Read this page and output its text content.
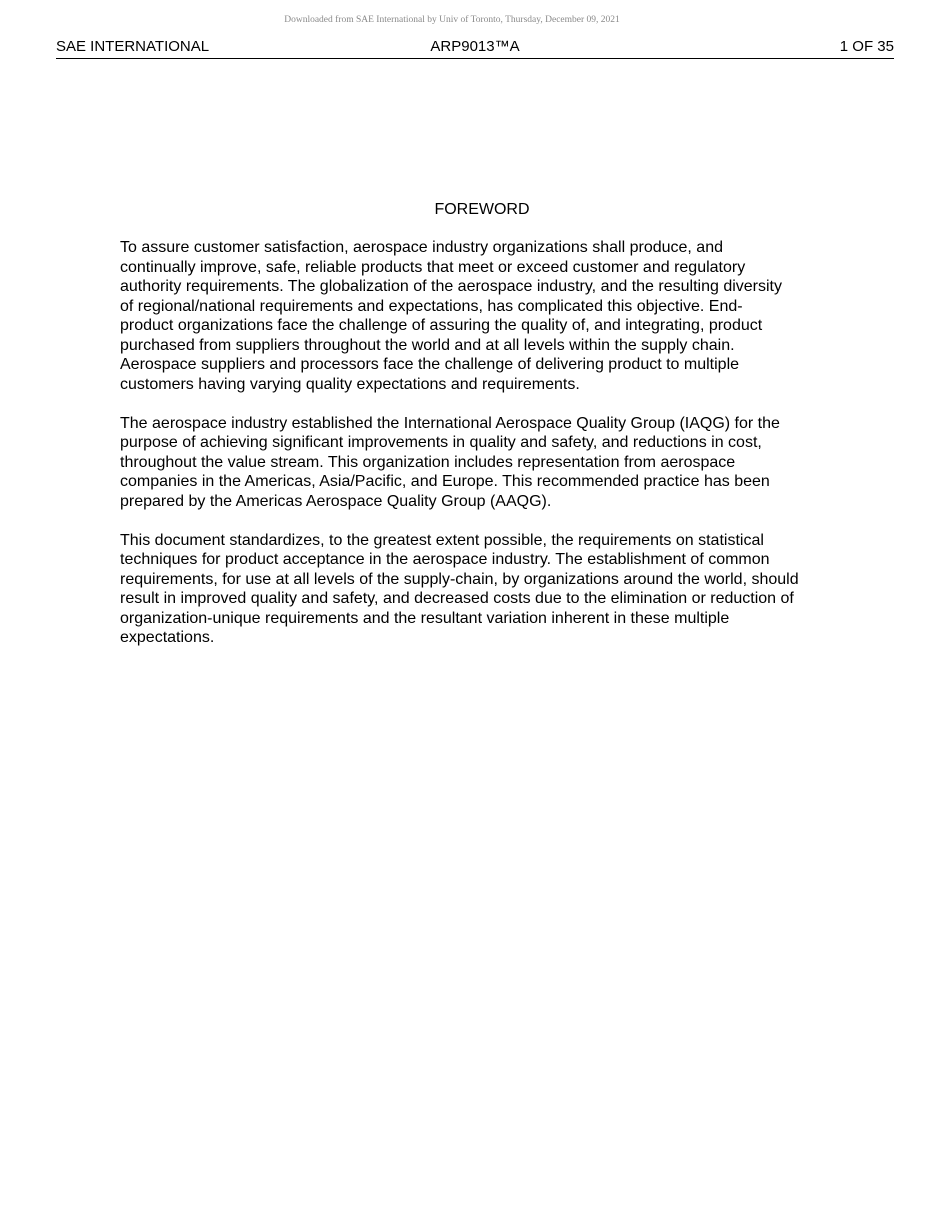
Downloaded from SAE International by Univ of Toronto, Thursday, December 09, 2021
SAE INTERNATIONAL	ARP9013™A	1 OF 35
FOREWORD

To assure customer satisfaction, aerospace industry organizations shall produce, and
continually improve, safe, reliable products that meet or exceed customer and regulatory
authority requirements. The globalization of the aerospace industry, and the resulting diversity
of regional/national requirements and expectations, has complicated this objective. End-
product organizations face the challenge of assuring the quality of, and integrating, product
purchased from suppliers throughout the world and at all levels within the supply chain.
Aerospace suppliers and processors face the challenge of delivering product to multiple
customers having varying quality expectations and requirements.

The aerospace industry established the International Aerospace Quality Group (IAQG) for the
purpose of achieving significant improvements in quality and safety, and reductions in cost,
throughout the value stream. This organization includes representation from aerospace
companies in the Americas, Asia/Pacific, and Europe. This recommended practice has been
prepared by the Americas Aerospace Quality Group (AAQG).

This document standardizes, to the greatest extent possible, the requirements on statistical
techniques for product acceptance in the aerospace industry. The establishment of common
requirements, for use at all levels of the supply-chain, by organizations around the world, should
result in improved quality and safety, and decreased costs due to the elimination or reduction of
organization-unique requirements and the resultant variation inherent in these multiple
expectations.
